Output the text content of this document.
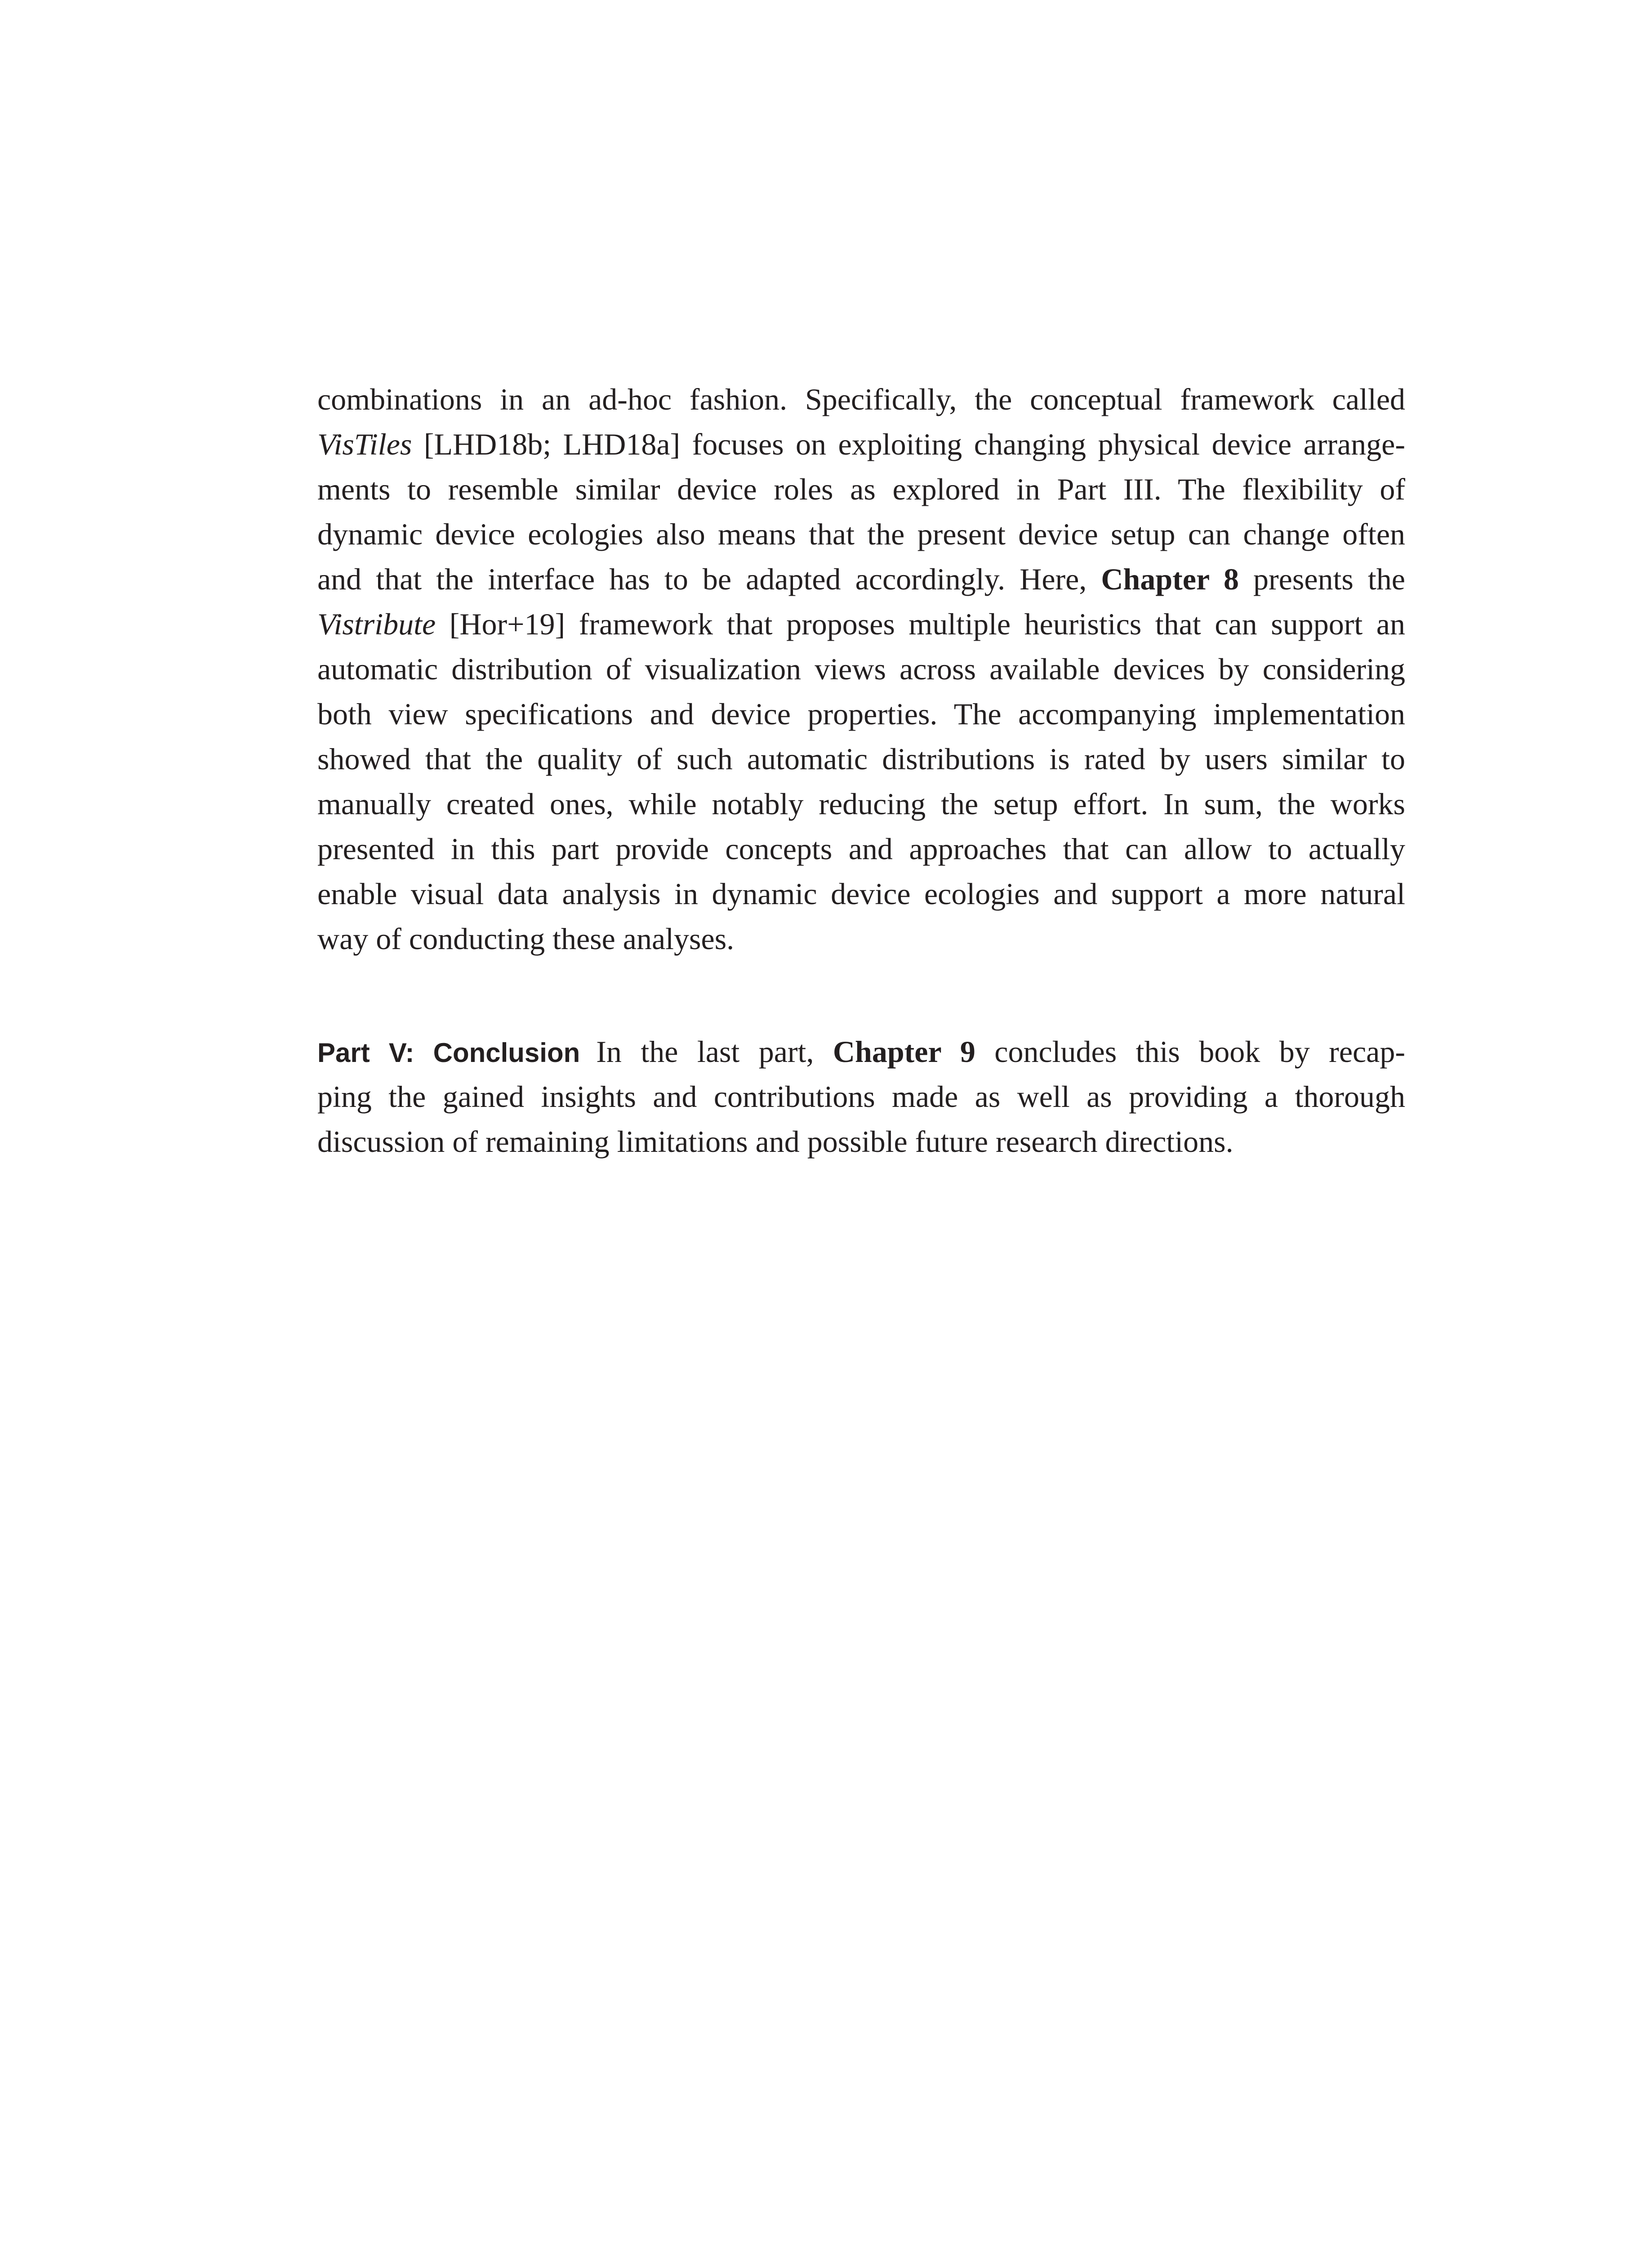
combinations in an ad-hoc fashion. Specifically, the conceptual framework called
VisTiles [LHD18b; LHD18a] focuses on exploiting changing physical device arrange-
ments to resemble similar device roles as explored in Part III. The flexibility of
dynamic device ecologies also means that the present device setup can change often
and that the interface has to be adapted accordingly. Here, Chapter 8 presents the
Vistribute [Hor+19] framework that proposes multiple heuristics that can support an
automatic distribution of visualization views across available devices by considering
both view specifications and device properties. The accompanying implementation
showed that the quality of such automatic distributions is rated by users similar to
manually created ones, while notably reducing the setup effort. In sum, the works
presented in this part provide concepts and approaches that can allow to actually
enable visual data analysis in dynamic device ecologies and support a more natural
way of conducting these analyses.
Part V: Conclusion In the last part, Chapter 9 concludes this book by recap-
ping the gained insights and contributions made as well as providing a thorough
discussion of remaining limitations and possible future research directions.
